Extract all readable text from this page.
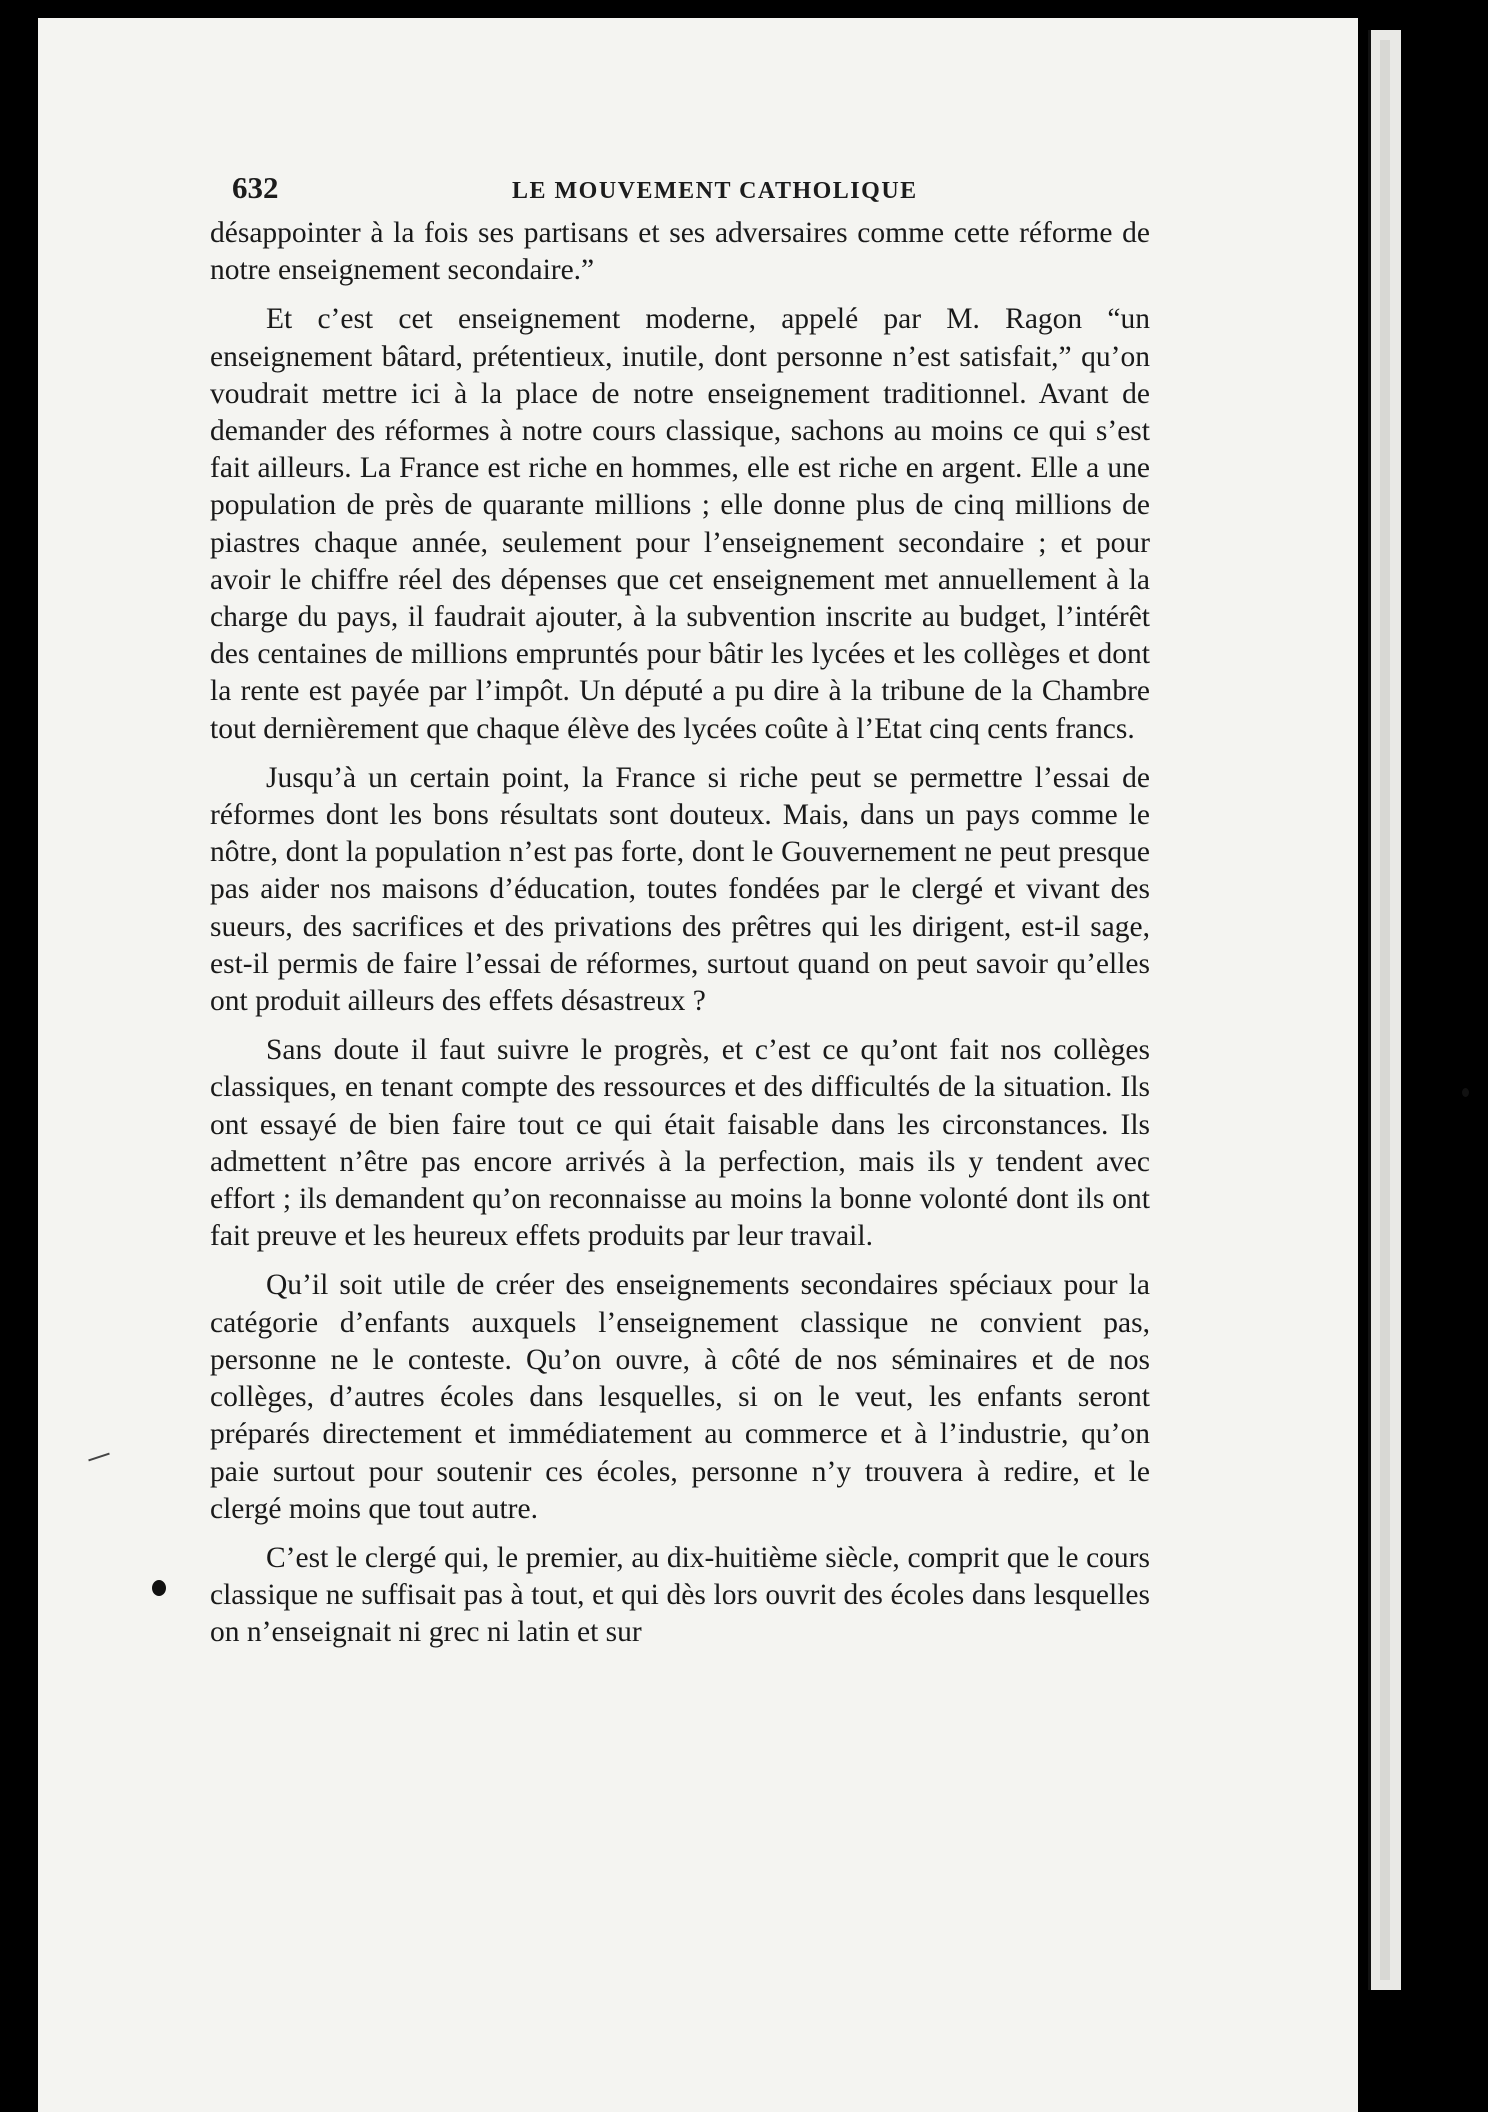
632	LE MOUVEMENT CATHOLIQUE

désappointer à la fois ses partisans et ses adversaires comme cette réforme de notre enseignement secondaire.”

Et c’est cet enseignement moderne, appelé par M. Ragon “un enseignement bâtard, prétentieux, inutile, dont personne n’est satisfait,” qu’on voudrait mettre ici à la place de notre enseignement traditionnel. Avant de demander des réformes à notre cours classique, sachons au moins ce qui s’est fait ailleurs. La France est riche en hommes, elle est riche en argent. Elle a une population de près de quarante millions ; elle donne plus de cinq millions de piastres chaque année, seulement pour l’enseignement secondaire ; et pour avoir le chiffre réel des dépenses que cet enseignement met annuellement à la charge du pays, il faudrait ajouter, à la subvention inscrite au budget, l’intérêt des centaines de millions empruntés pour bâtir les lycées et les collèges et dont la rente est payée par l’impôt. Un député a pu dire à la tribune de la Chambre tout dernièrement que chaque élève des lycées coûte à l’Etat cinq cents francs.

Jusqu’à un certain point, la France si riche peut se permettre l’essai de réformes dont les bons résultats sont douteux. Mais, dans un pays comme le nôtre, dont la population n’est pas forte, dont le Gouvernement ne peut presque pas aider nos maisons d’éducation, toutes fondées par le clergé et vivant des sueurs, des sacrifices et des privations des prêtres qui les dirigent, est-il sage, est-il permis de faire l’essai de réformes, surtout quand on peut savoir qu’elles ont produit ailleurs des effets désastreux ?

Sans doute il faut suivre le progrès, et c’est ce qu’ont fait nos collèges classiques, en tenant compte des ressources et des difficultés de la situation. Ils ont essayé de bien faire tout ce qui était faisable dans les circonstances. Ils admettent n’être pas encore arrivés à la perfection, mais ils y tendent avec effort ; ils demandent qu’on reconnaisse au moins la bonne volonté dont ils ont fait preuve et les heureux effets produits par leur travail.

Qu’il soit utile de créer des enseignements secondaires spéciaux pour la catégorie d’enfants auxquels l’enseignement classique ne convient pas, personne ne le conteste. Qu’on ouvre, à côté de nos séminaires et de nos collèges, d’autres écoles dans lesquelles, si on le veut, les enfants seront préparés directement et immédiatement au commerce et à l’industrie, qu’on paie surtout pour soutenir ces écoles, personne n’y trouvera à redire, et le clergé moins que tout autre.

C’est le clergé qui, le premier, au dix-huitième siècle, comprit que le cours classique ne suffisait pas à tout, et qui dès lors ouvrit des écoles dans lesquelles on n’enseignait ni grec ni latin et sur
